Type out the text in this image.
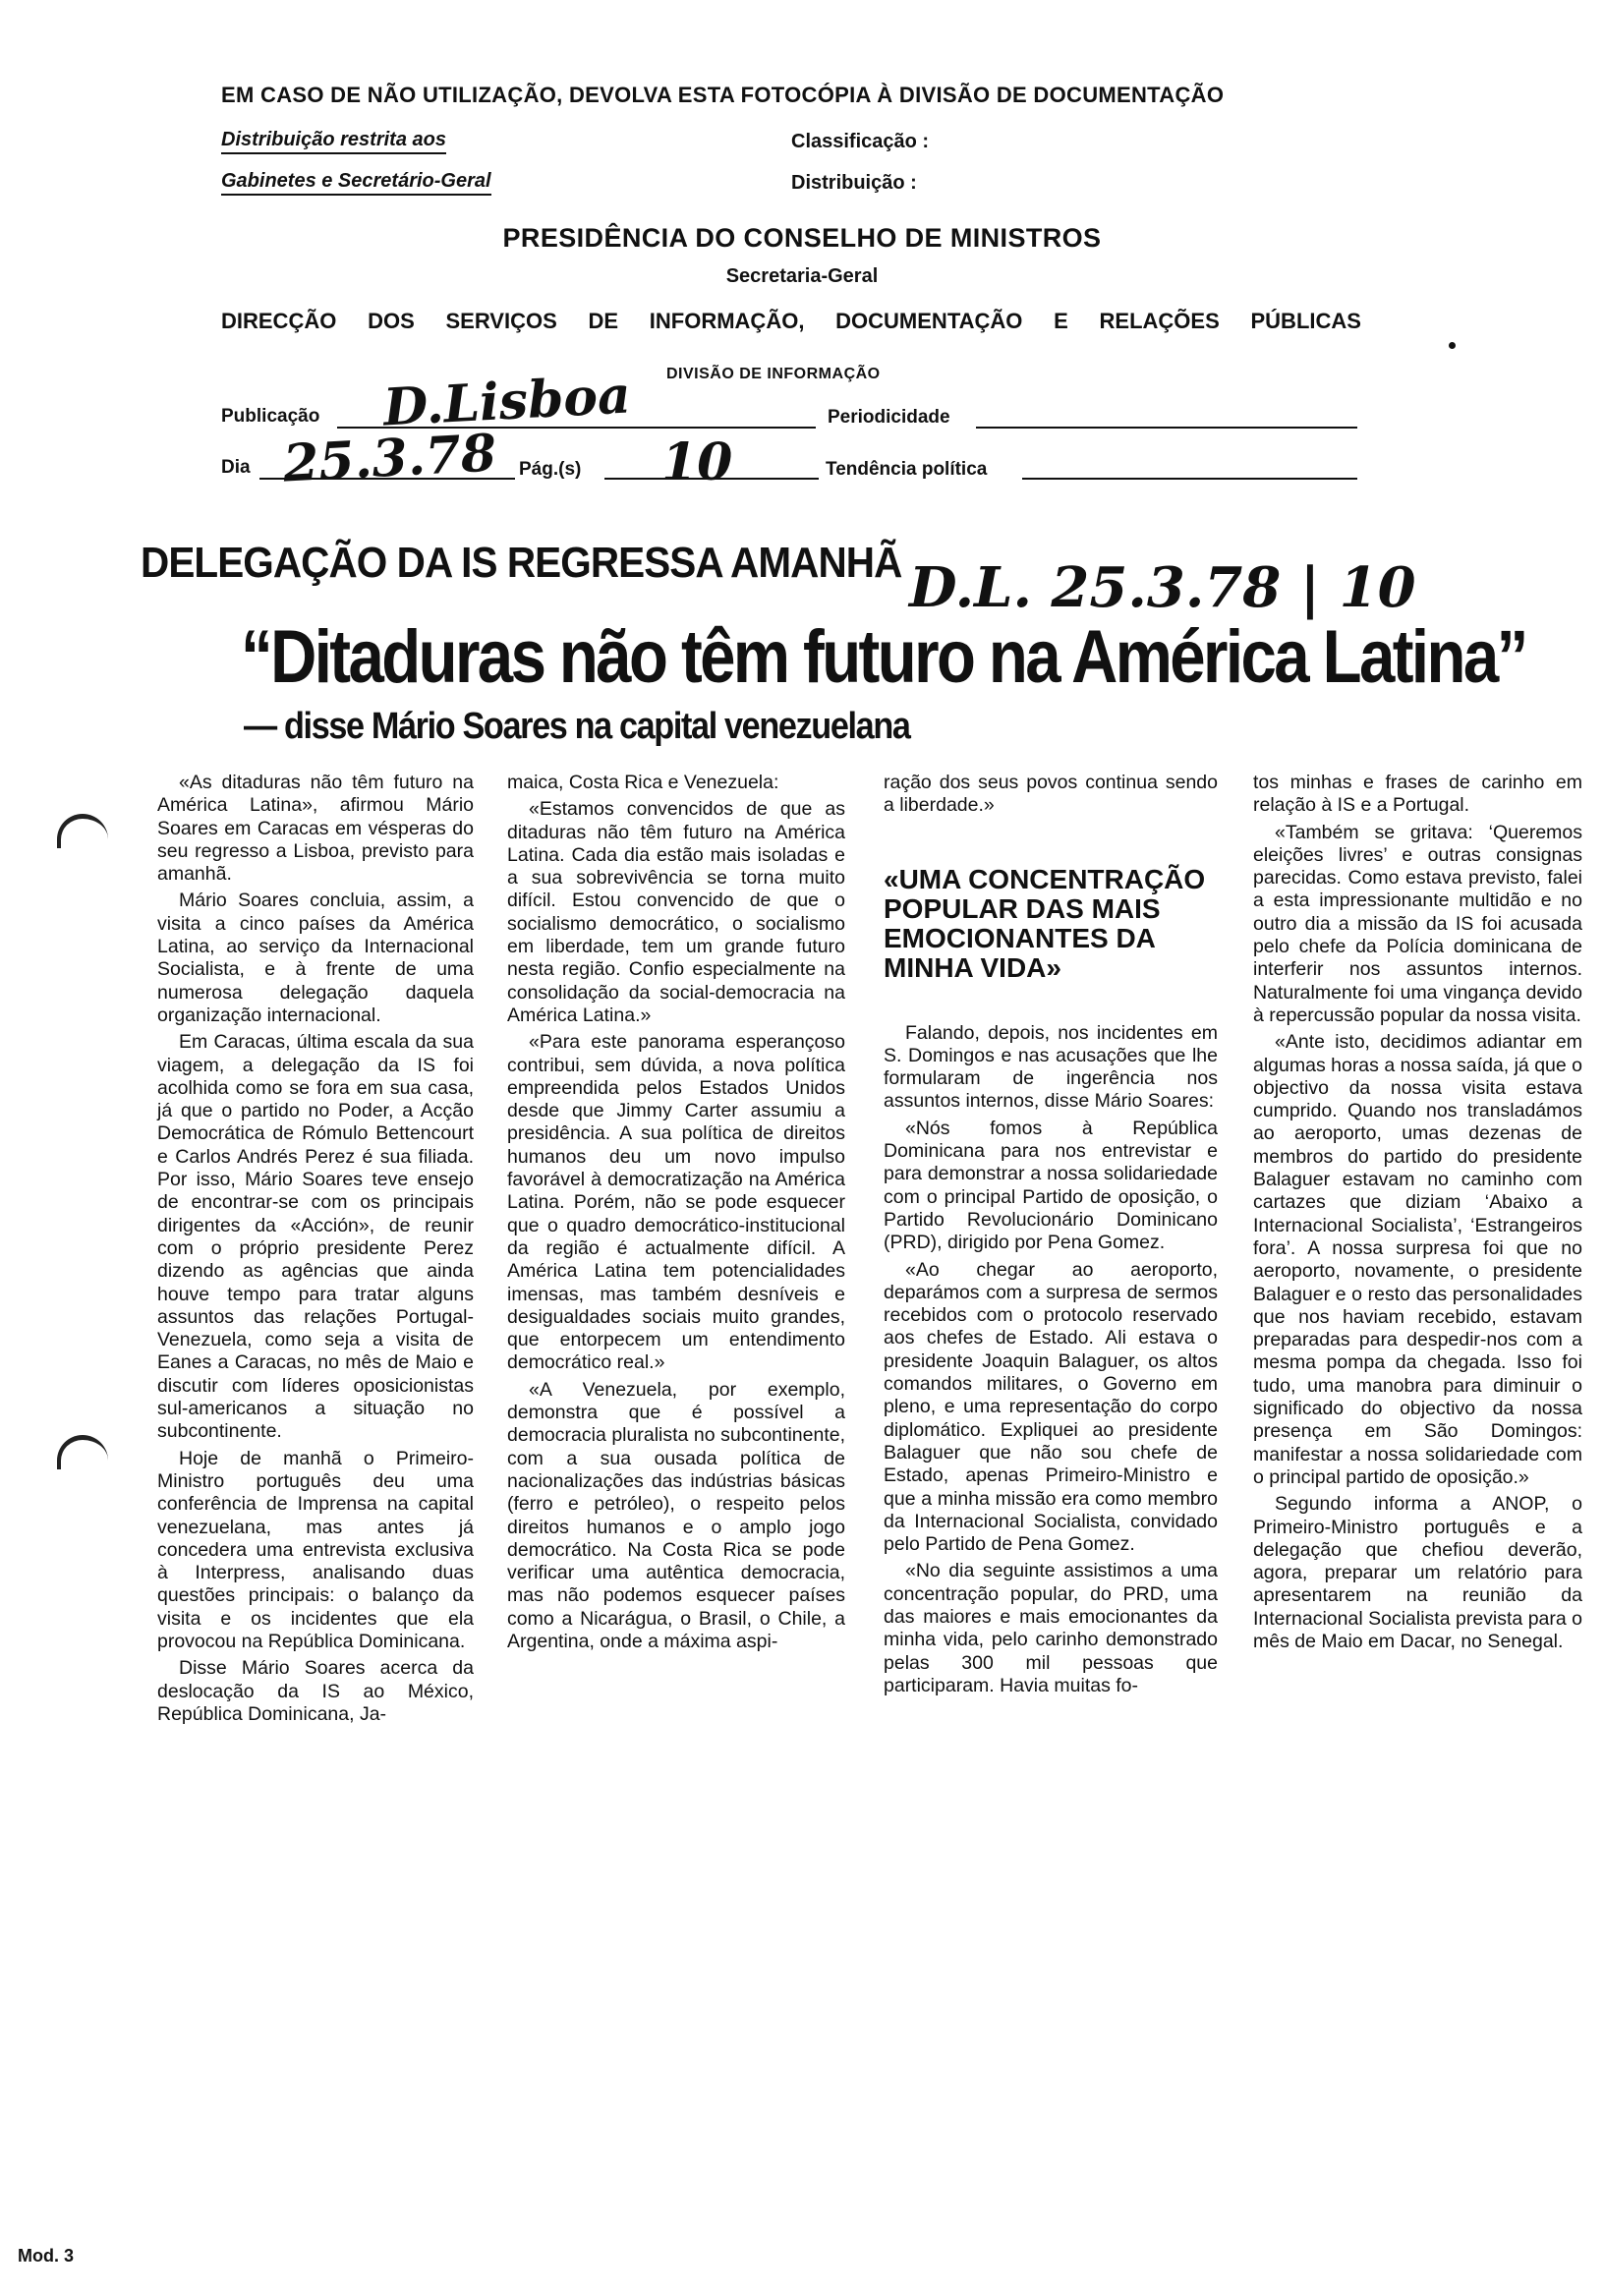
EM CASO DE NÃO UTILIZAÇÃO, DEVOLVA ESTA FOTOCÓPIA À DIVISÃO DE DOCUMENTAÇÃO
Distribuição restrita aos
Gabinetes e Secretário-Geral
Classificação :
Distribuição :
PRESIDÊNCIA DO CONSELHO DE MINISTROS
Secretaria-Geral
DIRECÇÃO DOS SERVIÇOS DE INFORMAÇÃO, DOCUMENTAÇÃO E RELAÇÕES PÚBLICAS
DIVISÃO DE INFORMAÇÃO
Publicação D.Lisboa	Periodicidade
Dia 25.3.78 Pág.(s) 10	Tendência política
DELEGAÇÃO DA IS REGRESSA AMANHÃ D.L. 25.3.78 | 10
“Ditaduras não têm futuro na América Latina”
— disse Mário Soares na capital venezuelana

«As ditaduras não têm futuro na América Latina», afirmou Mário Soares em Caracas em vésperas do seu regresso a Lisboa, previsto para amanhã.

Mário Soares concluia, assim, a visita a cinco países da América Latina, ao serviço da Internacional Socialista, e à frente de uma numerosa delegação daquela organização internacional.

Em Caracas, última escala da sua viagem, a delegação da IS foi acolhida como se fora em sua casa, já que o partido no Poder, a Acção Democrática de Rómulo Bettencourt e Carlos Andrés Perez é sua filiada. Por isso, Mário Soares teve ensejo de encontrar-se com os principais dirigentes da «Acción», de reunir com o próprio presidente Perez dizendo as agências que ainda houve tempo para tratar alguns assuntos das relações Portugal-Venezuela, como seja a visita de Eanes a Caracas, no mês de Maio e discutir com líderes oposicionistas sul-americanos a situação no subcontinente.

Hoje de manhã o Primeiro-Ministro português deu uma conferência de Imprensa na capital venezuelana, mas antes já concedera uma entrevista exclusiva à Interpress, analisando duas questões principais: o balanço da visita e os incidentes que ela provocou na República Dominicana.

Disse Mário Soares acerca da deslocação da IS ao México, República Dominicana, Ja-

maica, Costa Rica e Venezuela:

«Estamos convencidos de que as ditaduras não têm futuro na América Latina. Cada dia estão mais isoladas e a sua sobrevivência se torna muito difícil. Estou convencido de que o socialismo democrático, o socialismo em liberdade, tem um grande futuro nesta região. Confio especialmente na consolidação da social-democracia na América Latina.»

«Para este panorama esperançoso contribui, sem dúvida, a nova política empreendida pelos Estados Unidos desde que Jimmy Carter assumiu a presidência. A sua política de direitos humanos deu um novo impulso favorável à democratização na América Latina. Porém, não se pode esquecer que o quadro democrático-institucional da região é actualmente difícil. A América Latina tem potencialidades imensas, mas também desníveis e desigualdades sociais muito grandes, que entorpecem um entendimento democrático real.»

«A Venezuela, por exemplo, demonstra que é possível a democracia pluralista no subcontinente, com a sua ousada política de nacionalizações das indústrias básicas (ferro e petróleo), o respeito pelos direitos humanos e o amplo jogo democrático. Na Costa Rica se pode verificar uma autêntica democracia, mas não podemos esquecer países como a Nicarágua, o Brasil, o Chile, a Argentina, onde a máxima aspi-

ração dos seus povos continua sendo a liberdade.»

«UMA CONCENTRAÇÃO POPULAR DAS MAIS EMOCIONANTES DA MINHA VIDA»

Falando, depois, nos incidentes em S. Domingos e nas acusações que lhe formularam de ingerência nos assuntos internos, disse Mário Soares:

«Nós fomos à República Dominicana para nos entrevistar e para demonstrar a nossa solidariedade com o principal Partido de oposição, o Partido Revolucionário Dominicano (PRD), dirigido por Pena Gomez.

«Ao chegar ao aeroporto, deparámos com a surpresa de sermos recebidos com o protocolo reservado aos chefes de Estado. Ali estava o presidente Joaquin Balaguer, os altos comandos militares, o Governo em pleno, e uma representação do corpo diplomático. Expliquei ao presidente Balaguer que não sou chefe de Estado, apenas Primeiro-Ministro e que a minha missão era como membro da Internacional Socialista, convidado pelo Partido de Pena Gomez.

«No dia seguinte assistimos a uma concentração popular, do PRD, uma das maiores e mais emocionantes da minha vida, pelo carinho demonstrado pelas 300 mil pessoas que participaram. Havia muitas fo-

tos minhas e frases de carinho em relação à IS e a Portugal.

«Também se gritava: ‘Queremos eleições livres’ e outras consignas parecidas. Como estava previsto, falei a esta impressionante multidão e no outro dia a missão da IS foi acusada pelo chefe da Polícia dominicana de interferir nos assuntos internos. Naturalmente foi uma vingança devido à repercussão popular da nossa visita.

«Ante isto, decidimos adiantar em algumas horas a nossa saída, já que o objectivo da nossa visita estava cumprido. Quando nos transladámos ao aeroporto, umas dezenas de membros do partido do presidente Balaguer estavam no caminho com cartazes que diziam ‘Abaixo a Internacional Socialista’, ‘Estrangeiros fora’. A nossa surpresa foi que no aeroporto, novamente, o presidente Balaguer e o resto das personalidades que nos haviam recebido, estavam preparadas para despedir-nos com a mesma pompa da chegada. Isso foi tudo, uma manobra para diminuir o significado do objectivo da nossa presença em São Domingos: manifestar a nossa solidariedade com o principal partido de oposição.»

Segundo informa a ANOP, o Primeiro-Ministro português e a delegação que chefiou deverão, agora, preparar um relatório para apresentarem na reunião da Internacional Socialista prevista para o mês de Maio em Dacar, no Senegal.

Mod. 3
